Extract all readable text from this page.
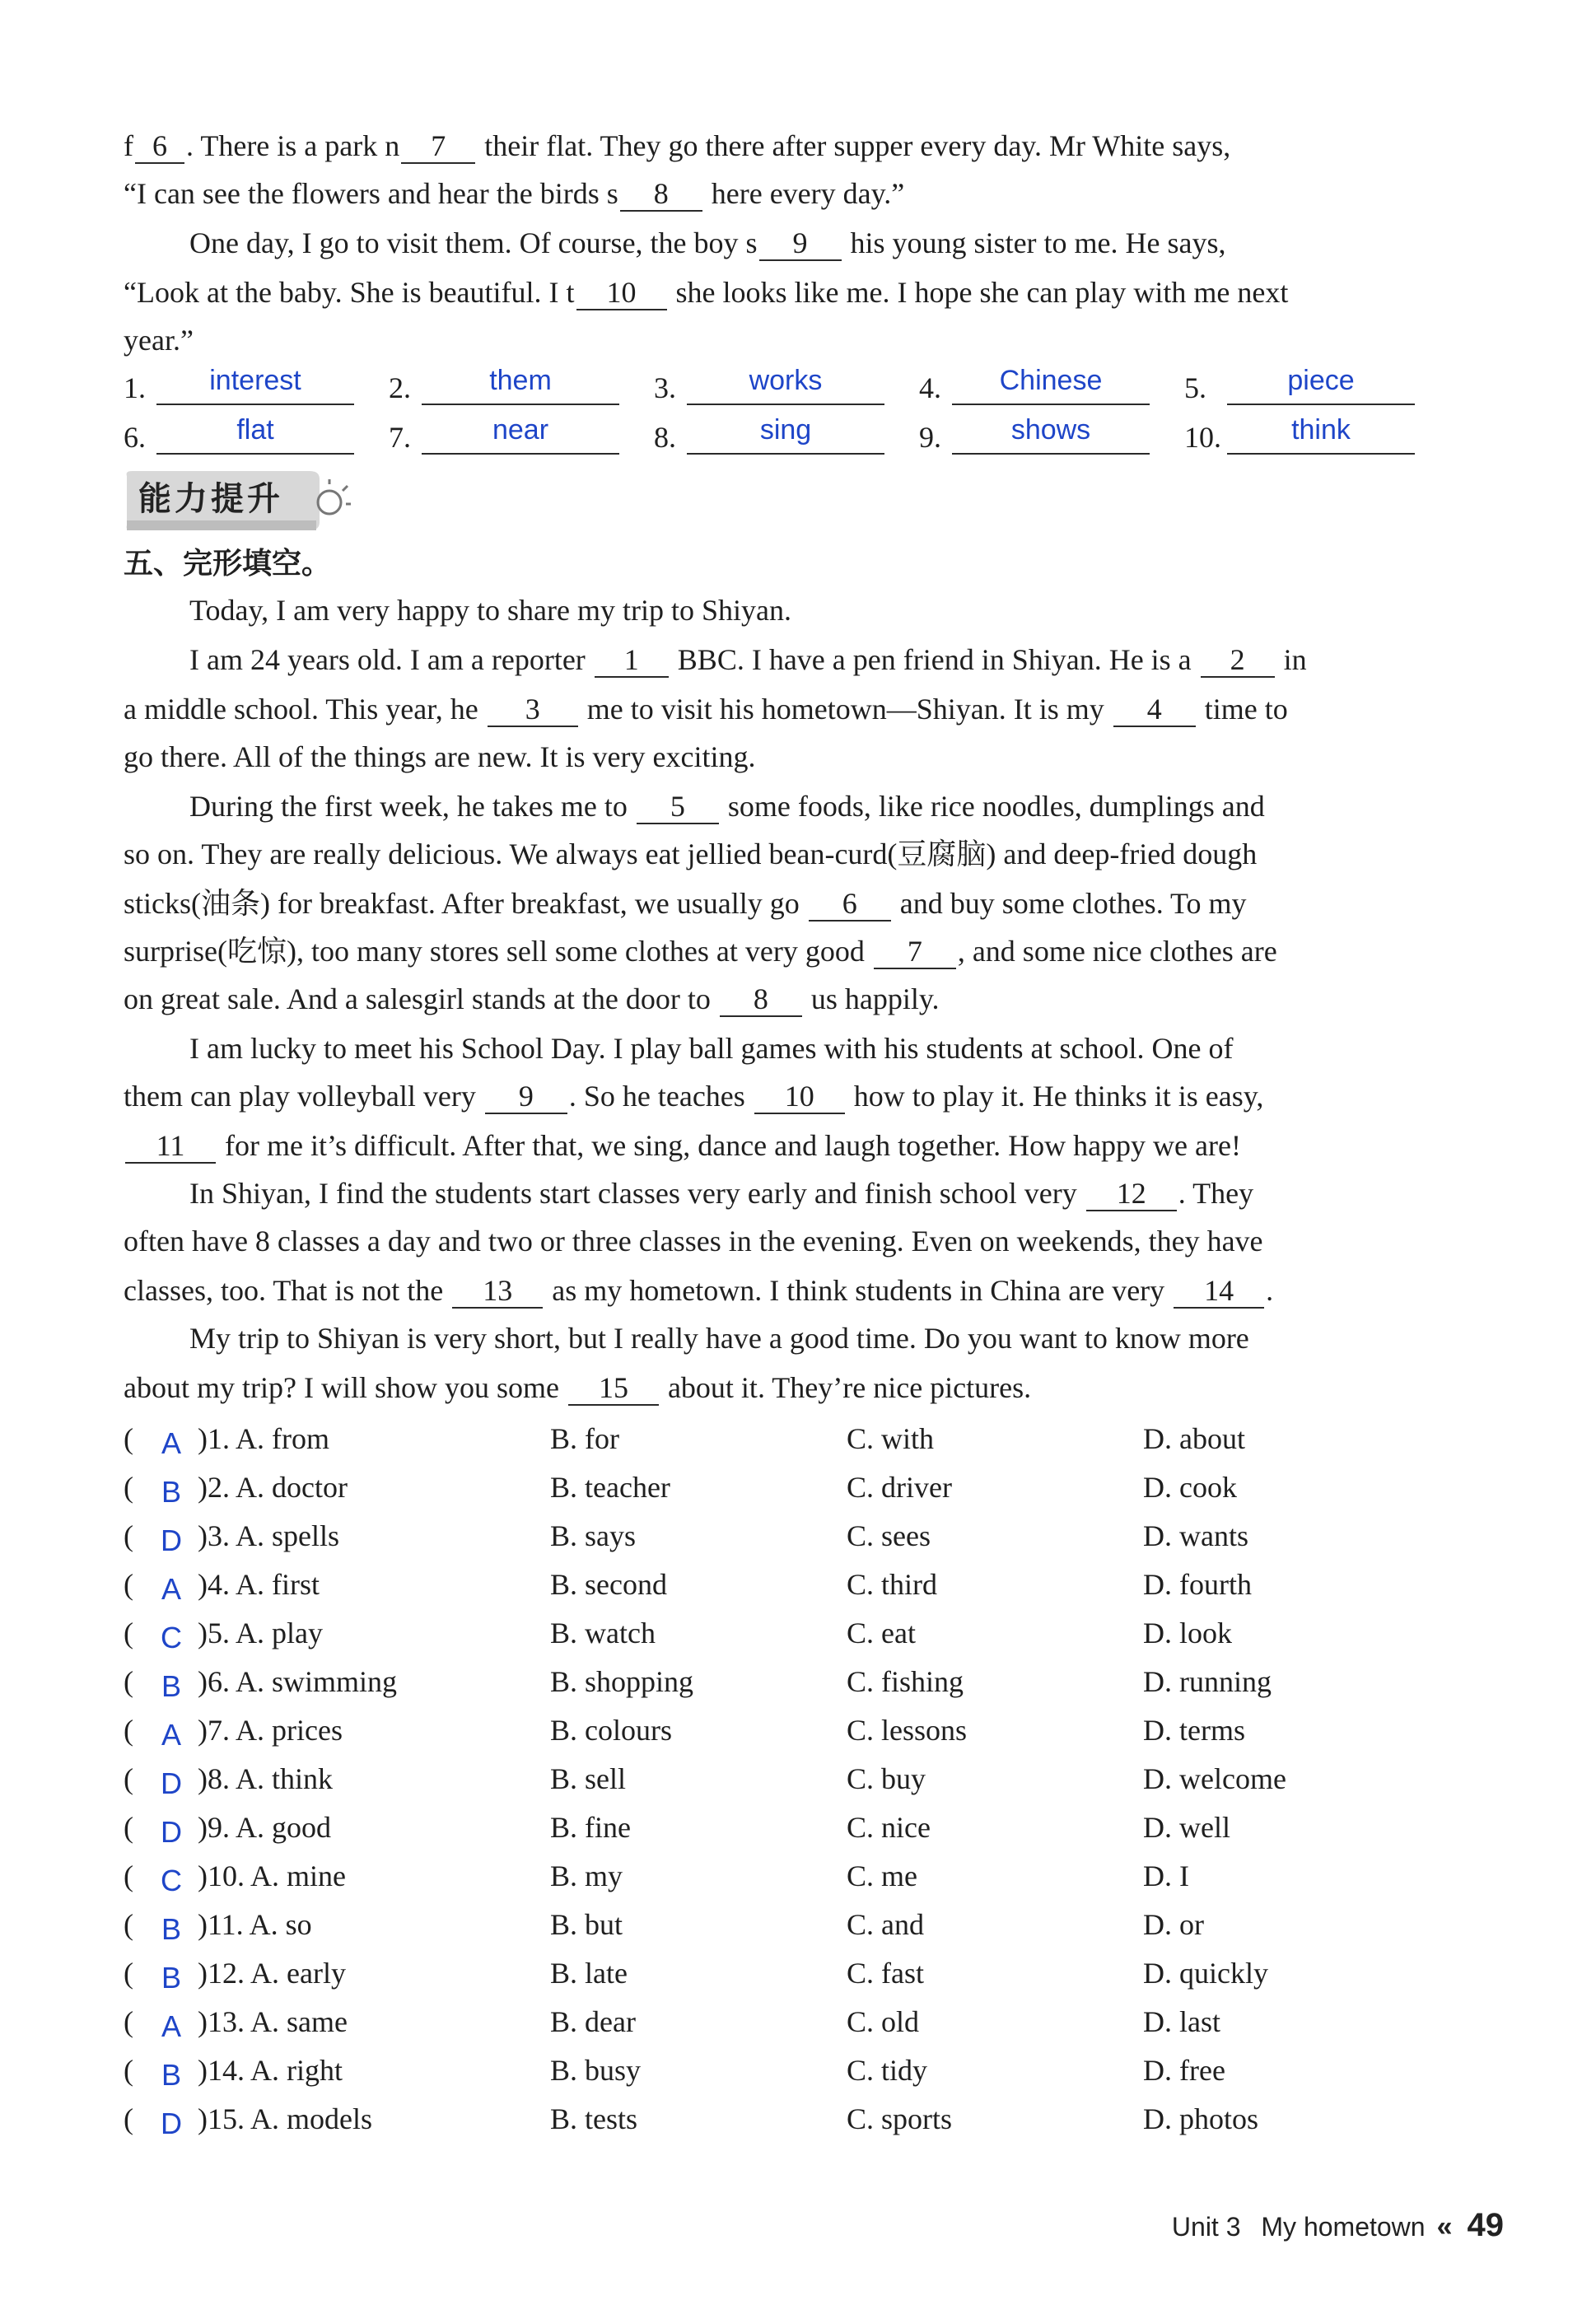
f 6 . There is a park n 7 their flat. They go there after supper every day. Mr White says,
“I can see the flowers and hear the birds s 8 here every day.”
One day, I go to visit them. Of course, the boy s 9 his young sister to me. He says,
“Look at the baby. She is beautiful. I t 10 she looks like me. I hope she can play with me next
year.”
1.	interest	2.	them	3.	works	4.	Chinese	5.	piece
6.	flat	7.	near	8.	sing	9.	shows	10.	think
能力提升
五、完形填空。
Today, I am very happy to share my trip to Shiyan.
I am 24 years old. I am a reporter 1 BBC. I have a pen friend in Shiyan. He is a 2 in
a middle school. This year, he 3 me to visit his hometown—Shiyan. It is my 4 time to
go there. All of the things are new. It is very exciting.
During the first week, he takes me to 5 some foods, like rice noodles, dumplings and
so on. They are really delicious. We always eat jellied bean-curd(豆腐脑) and deep-fried dough
sticks(油条) for breakfast. After breakfast, we usually go 6 and buy some clothes. To my
surprise(吃惊), too many stores sell some clothes at very good 7 , and some nice clothes are
on great sale. And a salesgirl stands at the door to 8 us happily.
I am lucky to meet his School Day. I play ball games with his students at school. One of
them can play volleyball very 9 . So he teaches 10 how to play it. He thinks it is easy,
11 for me it’s difficult. After that, we sing, dance and laugh together. How happy we are!
In Shiyan, I find the students start classes very early and finish school very 12 . They
often have 8 classes a day and two or three classes in the evening. Even on weekends, they have
classes, too. That is not the 13 as my hometown. I think students in China are very 14 .
My trip to Shiyan is very short, but I really have a good time. Do you want to know more
about my trip? I will show you some 15 about it. They’re nice pictures.
( A )1. A. from	B. for	C. with	D. about
( B )2. A. doctor	B. teacher	C. driver	D. cook
( D )3. A. spells	B. says	C. sees	D. wants
( A )4. A. first	B. second	C. third	D. fourth
( C )5. A. play	B. watch	C. eat	D. look
( B )6. A. swimming	B. shopping	C. fishing	D. running
( A )7. A. prices	B. colours	C. lessons	D. terms
( D )8. A. think	B. sell	C. buy	D. welcome
( D )9. A. good	B. fine	C. nice	D. well
( C )10. A. mine	B. my	C. me	D. I
( B )11. A. so	B. but	C. and	D. or
( B )12. A. early	B. late	C. fast	D. quickly
( A )13. A. same	B. dear	C. old	D. last
( B )14. A. right	B. busy	C. tidy	D. free
( D )15. A. models	B. tests	C. sports	D. photos
Unit 3 My hometown « 49
